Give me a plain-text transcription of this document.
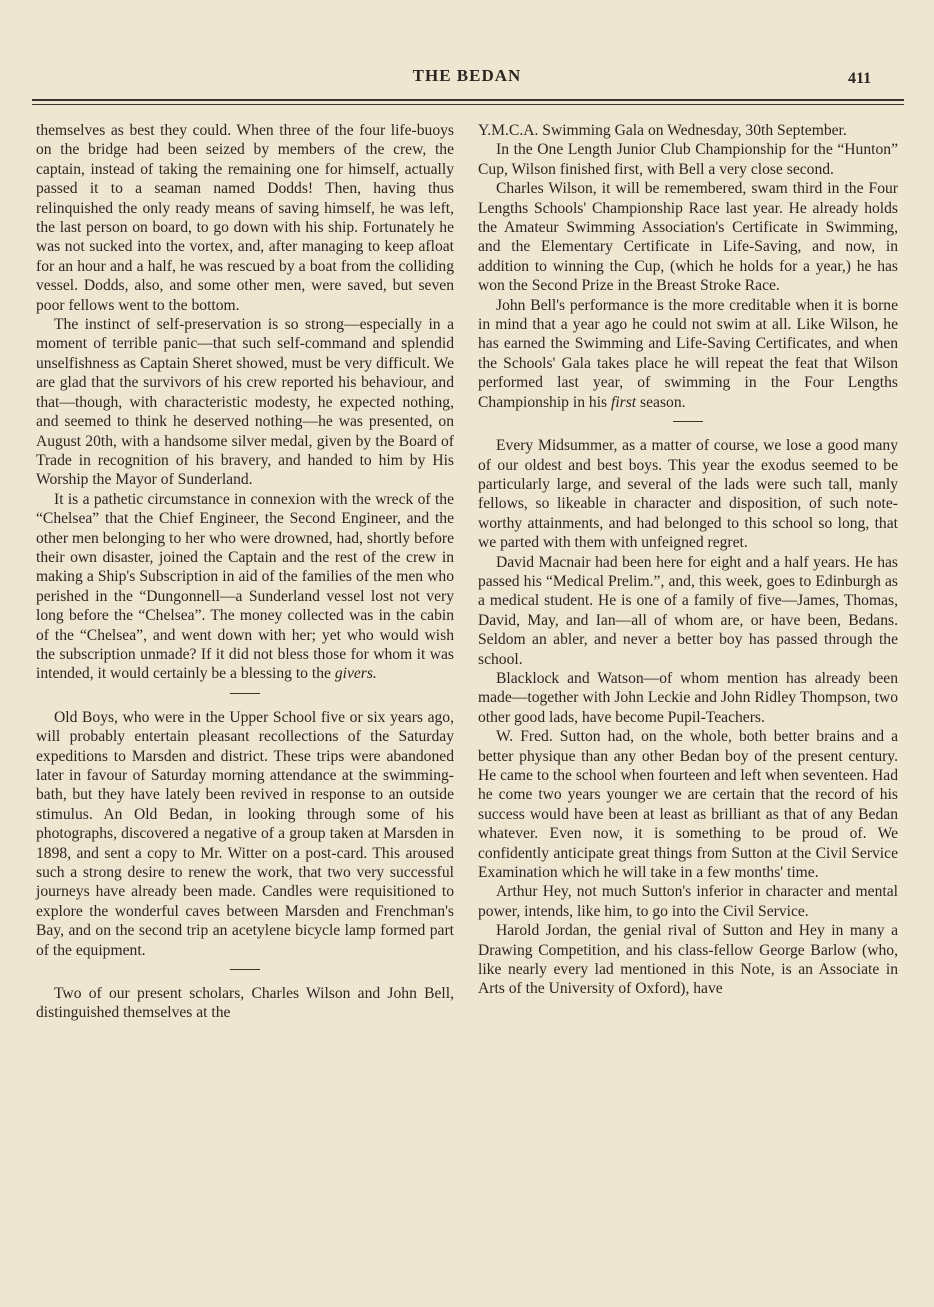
THE BEDAN	411

themselves as best they could. When three of the four life-buoys on the bridge had been seized by members of the crew, the captain, instead of taking the remaining one for himself, actually passed it to a seaman named Dodds! Then, having thus relinquished the only ready means of saving himself, he was left, the last person on board, to go down with his ship. Fortunately he was not sucked into the vortex, and, after managing to keep afloat for an hour and a half, he was rescued by a boat from the colliding vessel. Dodds, also, and some other men, were saved, but seven poor fellows went to the bottom.

The instinct of self-preservation is so strong—especially in a moment of terrible panic—that such self-command and splendid unselfishness as Captain Sheret showed, must be very difficult. We are glad that the survivors of his crew reported his behaviour, and that—though, with characteristic modesty, he expected nothing, and seemed to think he deserved nothing—he was presented, on August 20th, with a handsome silver medal, given by the Board of Trade in recognition of his bravery, and handed to him by His Worship the Mayor of Sunderland.

It is a pathetic circumstance in connexion with the wreck of the “Chelsea” that the Chief Engineer, the Second Engineer, and the other men belonging to her who were drowned, had, shortly before their own disaster, joined the Captain and the rest of the crew in making a Ship's Subscription in aid of the families of the men who perished in the “Dungonnell—a Sunderland vessel lost not very long before the “Chelsea”. The money collected was in the cabin of the “Chelsea”, and went down with her; yet who would wish the subscription unmade? If it did not bless those for whom it was intended, it would certainly be a blessing to the givers.

Old Boys, who were in the Upper School five or six years ago, will probably entertain pleasant recollections of the Saturday expeditions to Marsden and district. These trips were abandoned later in favour of Saturday morning attendance at the swimming-bath, but they have lately been revived in response to an outside stimulus. An Old Bedan, in looking through some of his photographs, discovered a negative of a group taken at Marsden in 1898, and sent a copy to Mr. Witter on a post-card. This aroused such a strong desire to renew the work, that two very successful journeys have already been made. Candles were requisitioned to explore the wonderful caves between Marsden and Frenchman's Bay, and on the second trip an acetylene bicycle lamp formed part of the equipment.

Two of our present scholars, Charles Wilson and John Bell, distinguished themselves at the

Y.M.C.A. Swimming Gala on Wednesday, 30th September.

In the One Length Junior Club Championship for the “Hunton” Cup, Wilson finished first, with Bell a very close second.

Charles Wilson, it will be remembered, swam third in the Four Lengths Schools' Championship Race last year. He already holds the Amateur Swimming Association's Certificate in Swimming, and the Elementary Certificate in Life-Saving, and now, in addition to winning the Cup, (which he holds for a year,) he has won the Second Prize in the Breast Stroke Race.

John Bell's performance is the more creditable when it is borne in mind that a year ago he could not swim at all. Like Wilson, he has earned the Swimming and Life-Saving Certificates, and when the Schools' Gala takes place he will repeat the feat that Wilson performed last year, of swimming in the Four Lengths Championship in his first season.

Every Midsummer, as a matter of course, we lose a good many of our oldest and best boys. This year the exodus seemed to be particularly large, and several of the lads were such tall, manly fellows, so likeable in character and disposition, of such note-worthy attainments, and had belonged to this school so long, that we parted with them with unfeigned regret.

David Macnair had been here for eight and a half years. He has passed his “Medical Prelim.”, and, this week, goes to Edinburgh as a medical student. He is one of a family of five—James, Thomas, David, May, and Ian—all of whom are, or have been, Bedans. Seldom an abler, and never a better boy has passed through the school.

Blacklock and Watson—of whom mention has already been made—together with John Leckie and John Ridley Thompson, two other good lads, have become Pupil-Teachers.

W. Fred. Sutton had, on the whole, both better brains and a better physique than any other Bedan boy of the present century. He came to the school when fourteen and left when seventeen. Had he come two years younger we are certain that the record of his success would have been at least as brilliant as that of any Bedan whatever. Even now, it is something to be proud of. We confidently anticipate great things from Sutton at the Civil Service Examination which he will take in a few months' time.

Arthur Hey, not much Sutton's inferior in character and mental power, intends, like him, to go into the Civil Service.

Harold Jordan, the genial rival of Sutton and Hey in many a Drawing Competition, and his class-fellow George Barlow (who, like nearly every lad mentioned in this Note, is an Associate in Arts of the University of Oxford), have
